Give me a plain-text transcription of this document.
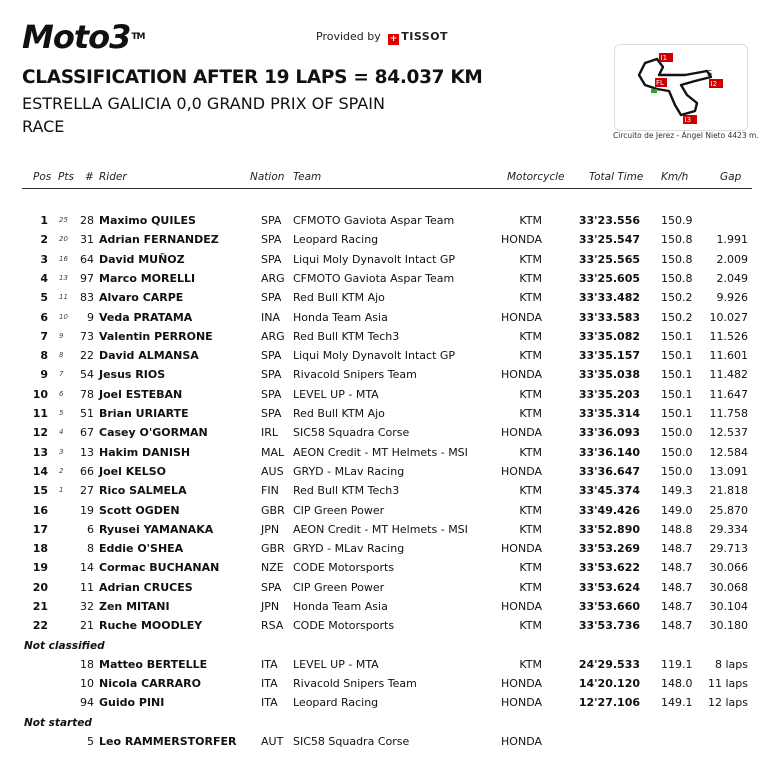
Moto3™	Provided by + TISSOT
CLASSIFICATION AFTER 19 LAPS = 84.037 KM
ESTRELLA GALICIA 0,0 GRAND PRIX OF SPAIN
RACE
I1
FL
S
I2
I3
Circuito de Jerez - Ángel Nieto 4423 m.
Pos Pts # Rider	Nation Team	Motorcycle Total Time Km/h	Gap
1 25 28 Maximo QUILES	SPA CFMOTO Gaviota Aspar Team	KTM	33'23.556 150.9
2 20 31 Adrian FERNANDEZ	SPA Leopard Racing	HONDA	33'25.547 150.8 1.991
3 16 64 David MUÑOZ	SPA Liqui Moly Dynavolt Intact GP	KTM	33'25.565 150.8 2.009
4 13 97 Marco MORELLI	ARG CFMOTO Gaviota Aspar Team	KTM	33'25.605 150.8 2.049
5 11 83 Alvaro CARPE	SPA Red Bull KTM Ajo	KTM	33'33.482 150.2 9.926
6 10 9 Veda PRATAMA	INA Honda Team Asia	HONDA	33'33.583 150.2 10.027
7 9 73 Valentin PERRONE	ARG Red Bull KTM Tech3	KTM	33'35.082 150.1 11.526
8 8 22 David ALMANSA	SPA Liqui Moly Dynavolt Intact GP	KTM	33'35.157 150.1 11.601
9 7 54 Jesus RIOS	SPA Rivacold Snipers Team	HONDA	33'35.038 150.1 11.482
10 6 78 Joel ESTEBAN	SPA LEVEL UP - MTA	KTM	33'35.203 150.1 11.647
11 5 51 Brian URIARTE	SPA Red Bull KTM Ajo	KTM	33'35.314 150.1 11.758
12 4 67 Casey O'GORMAN	IRL SIC58 Squadra Corse	HONDA	33'36.093 150.0 12.537
13 3 13 Hakim DANISH	MAL AEON Credit - MT Helmets - MSI	KTM	33'36.140 150.0 12.584
14 2 66 Joel KELSO	AUS GRYD - MLav Racing	HONDA	33'36.647 150.0 13.091
15 1 27 Rico SALMELA	FIN Red Bull KTM Tech3	KTM	33'45.374 149.3 21.818
16	19 Scott OGDEN	GBR CIP Green Power	KTM	33'49.426 149.0 25.870
17	6 Ryusei YAMANAKA	JPN AEON Credit - MT Helmets - MSI	KTM	33'52.890 148.8 29.334
18	8 Eddie O'SHEA	GBR GRYD - MLav Racing	HONDA	33'53.269 148.7 29.713
19	14 Cormac BUCHANAN	NZE CODE Motorsports	KTM	33'53.622 148.7 30.066
20	11 Adrian CRUCES	SPA CIP Green Power	KTM	33'53.624 148.7 30.068
21	32 Zen MITANI	JPN Honda Team Asia	HONDA	33'53.660 148.7 30.104
22	21 Ruche MOODLEY	RSA CODE Motorsports	KTM	33'53.736 148.7 30.180
Not classified
18 Matteo BERTELLE	ITA LEVEL UP - MTA	KTM	24'29.533 119.1 8 laps
10 Nicola CARRARO	ITA Rivacold Snipers Team	HONDA	14'20.120 148.0 11 laps
94 Guido PINI	ITA Leopard Racing	HONDA	12'27.106 149.1 12 laps
Not started
5 Leo RAMMERSTORFER AUT SIC58 Squadra Corse	HONDA
